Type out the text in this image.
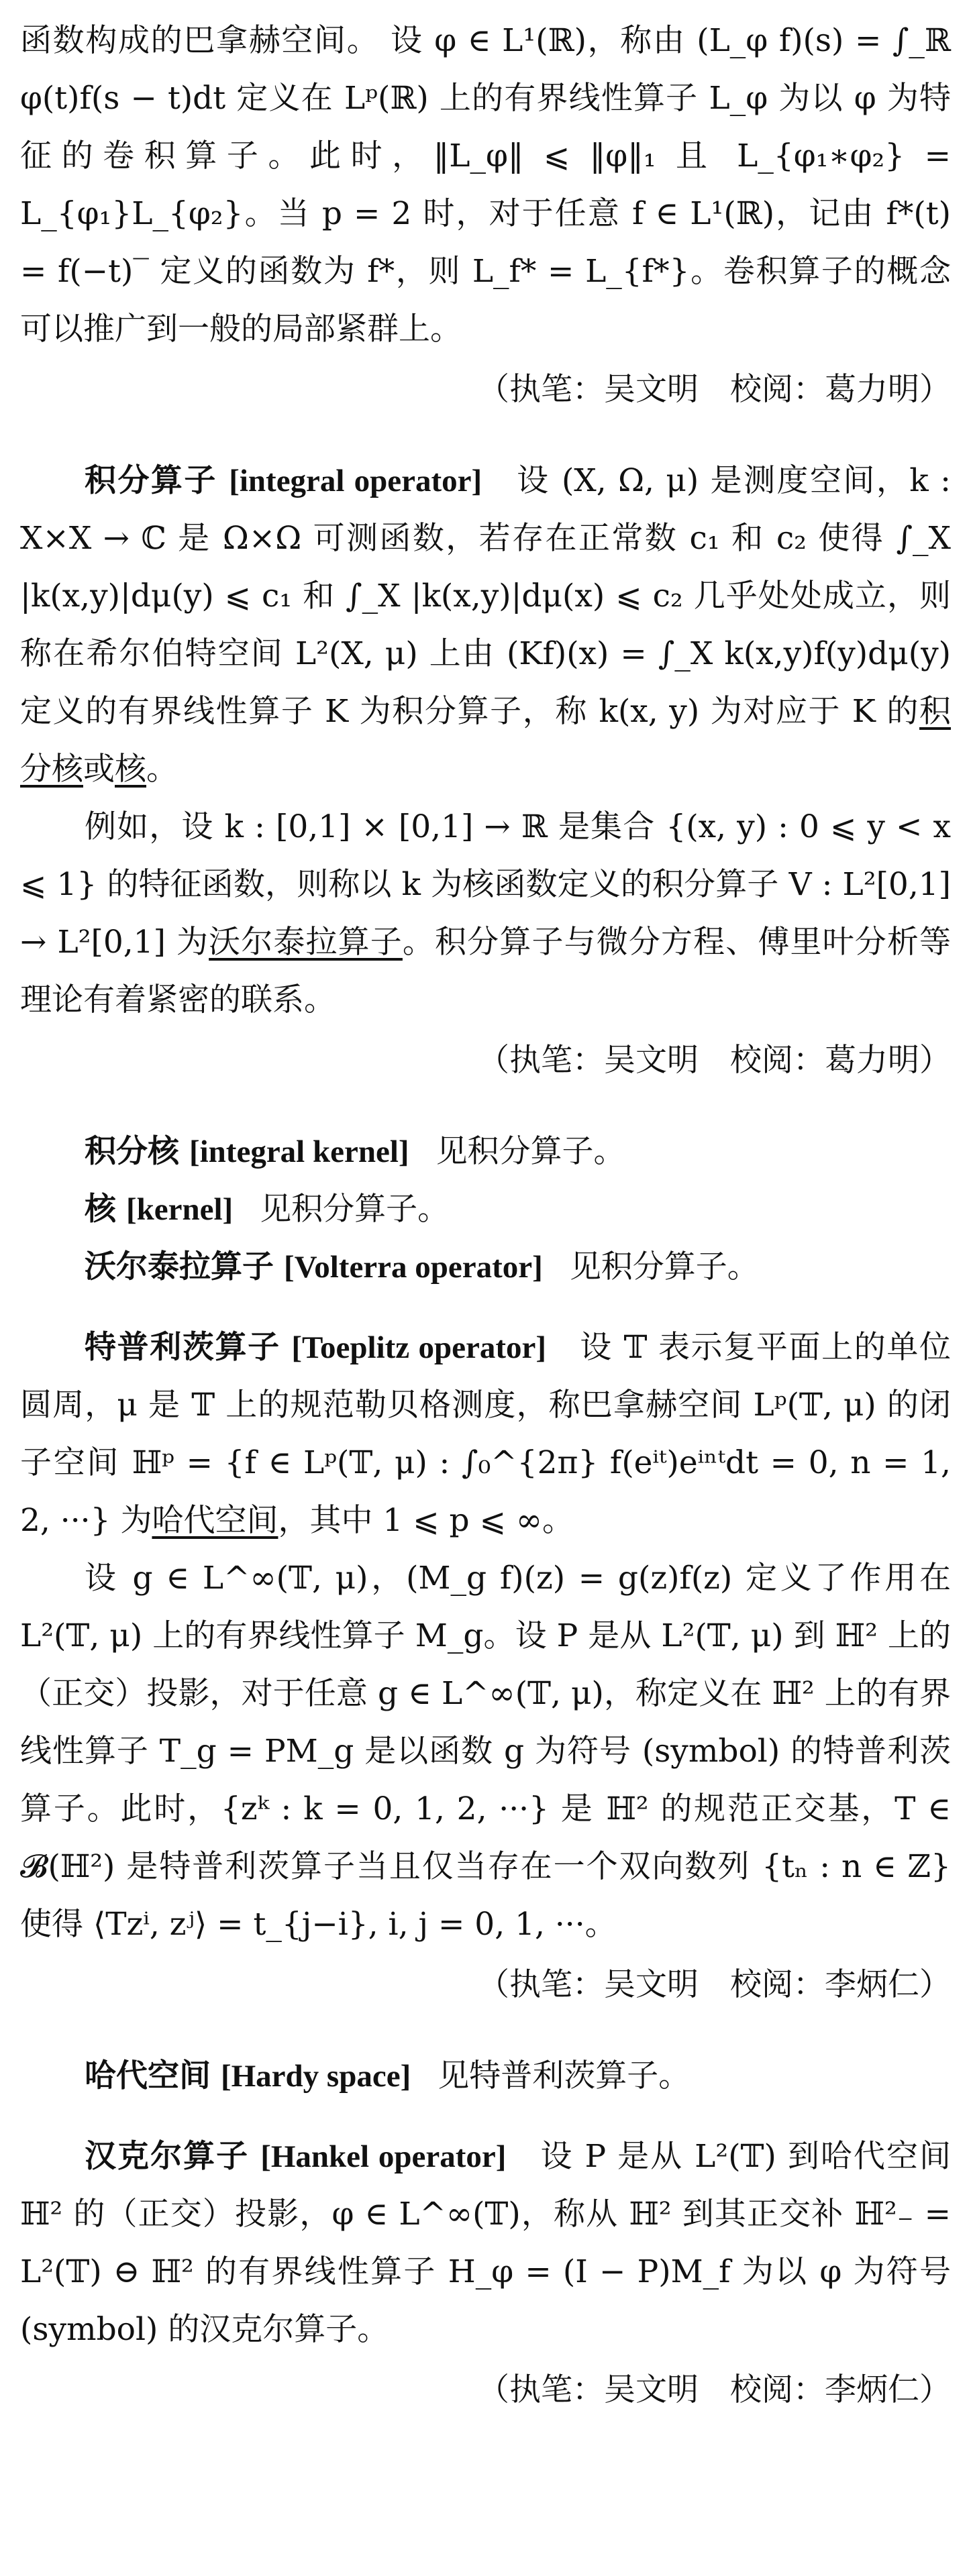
函数构成的巴拿赫空间。 设 φ ∈ L¹(ℝ)，称由 (L_φ f)(s) = ∫_ℝ φ(t)f(s − t)dt 定义在 Lᵖ(ℝ) 上的有界线性算子 L_φ 为以 φ 为特征的卷积算子。此时，‖L_φ‖ ⩽ ‖φ‖₁ 且 L_{φ₁∗φ₂} = L_{φ₁}L_{φ₂}。当 p = 2 时，对于任意 f ∈ L¹(ℝ)，记由 f*(t) = f(−t)‾ 定义的函数为 f*，则 L_f* = L_{f*}。卷积算子的概念可以推广到一般的局部紧群上。

（执笔：吴文明　校阅：葛力明）

积分算子 [integral operator]　 设 (X, Ω, μ) 是测度空间，k : X×X → ℂ 是 Ω×Ω 可测函数，若存在正常数 c₁ 和 c₂ 使得 ∫_X |k(x,y)|dμ(y) ⩽ c₁ 和 ∫_X |k(x,y)|dμ(x) ⩽ c₂ 几乎处处成立，则称在希尔伯特空间 L²(X, μ) 上由 (Kf)(x) = ∫_X k(x,y)f(y)dμ(y) 定义的有界线性算子 K 为积分算子，称 k(x, y) 为对应于 K 的积分核或核。

例如，设 k : [0,1] × [0,1] → ℝ 是集合 {(x, y) : 0 ⩽ y < x ⩽ 1} 的特征函数，则称以 k 为核函数定义的积分算子 V : L²[0,1] → L²[0,1] 为沃尔泰拉算子。积分算子与微分方程、傅里叶分析等理论有着紧密的联系。

（执笔：吴文明　校阅：葛力明）

积分核 [integral kernel] 见积分算子。

核 [kernel] 见积分算子。

沃尔泰拉算子 [Volterra operator] 见积分算子。

特普利茨算子 [Toeplitz operator]　 设 𝕋 表示复平面上的单位圆周，μ 是 𝕋 上的规范勒贝格测度，称巴拿赫空间 Lᵖ(𝕋, μ) 的闭子空间 ℍᵖ = {f ∈ Lᵖ(𝕋, μ) : ∫₀^{2π} f(eⁱᵗ)eⁱⁿᵗdt = 0, n = 1, 2, ···} 为哈代空间，其中 1 ⩽ p ⩽ ∞。

设 g ∈ L^∞(𝕋, μ)，(M_g f)(z) = g(z)f(z) 定义了作用在 L²(𝕋, μ) 上的有界线性算子 M_g。设 P 是从 L²(𝕋, μ) 到 ℍ² 上的（正交）投影，对于任意 g ∈ L^∞(𝕋, μ)，称定义在 ℍ² 上的有界线性算子 T_g = PM_g 是以函数 g 为符号 (symbol) 的特普利茨算子。此时，{zᵏ : k = 0, 1, 2, ···} 是 ℍ² 的规范正交基，T ∈ 𝓑(ℍ²) 是特普利茨算子当且仅当存在一个双向数列 {tₙ : n ∈ ℤ} 使得 ⟨Tzⁱ, zʲ⟩ = t_{j−i}, i, j = 0, 1, ···。

（执笔：吴文明　校阅：李炳仁）

哈代空间 [Hardy space] 见特普利茨算子。

汉克尔算子 [Hankel operator]　 设 P 是从 L²(𝕋) 到哈代空间 ℍ² 的（正交）投影，φ ∈ L^∞(𝕋)，称从 ℍ² 到其正交补 ℍ²₋ = L²(𝕋) ⊖ ℍ² 的有界线性算子 H_φ = (I − P)M_f 为以 φ 为符号 (symbol) 的汉克尔算子。

（执笔：吴文明　校阅：李炳仁）
